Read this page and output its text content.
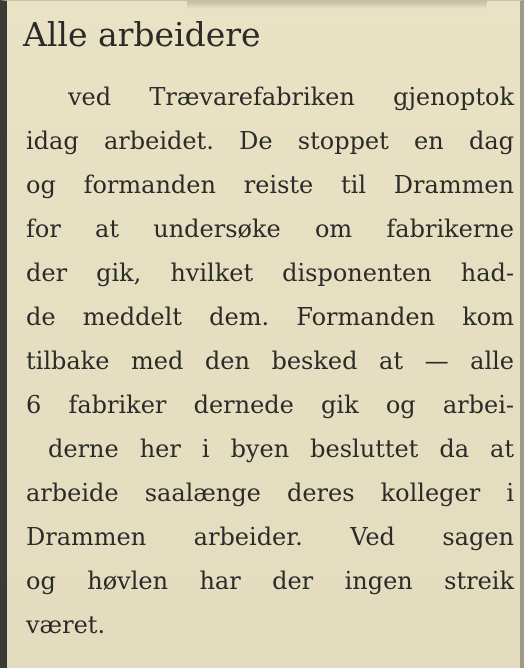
Alle arbeidere
ved Trævarefabriken gjenoptok
idag arbeidet. De stoppet en dag
og formanden reiste til Drammen
for at undersøke om fabrikerne
der gik, hvilket disponenten had-
de meddelt dem. Formanden kom
tilbake med den besked at — alle
6 fabriker dernede gik og arbei-
derne her i byen besluttet da at
arbeide saalænge deres kolleger i
Drammen arbeider. Ved sagen
og høvlen har der ingen streik
været.
